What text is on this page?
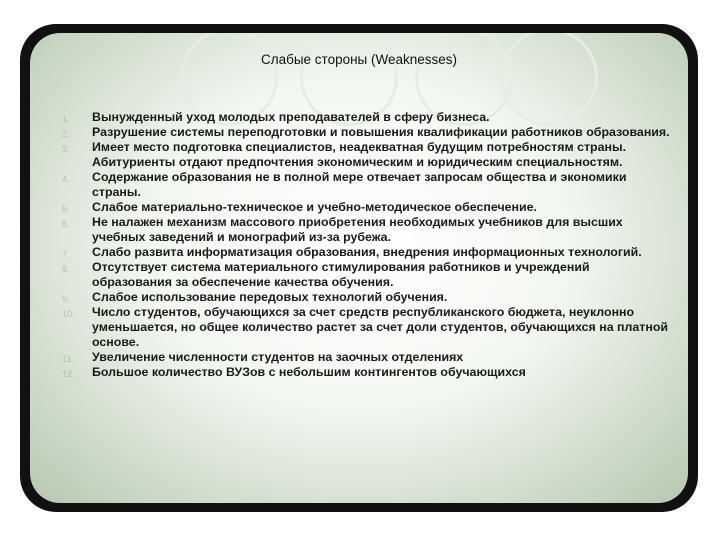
Слабые стороны (Weaknesses)
1.	Вынужденный уход молодых преподавателей в сферу бизнеса.
2.	Разрушение системы переподготовки и повышения квалификации работников образования.
3.	Имеет место подготовка специалистов, неадекватная будущим потребностям страны. Абитуриенты отдают предпочтения экономическим и юридическим специальностям.
4.	Содержание образования не в полной мере отвечает запросам общества и экономики страны.
5.	Слабое материально-техническое и учебно-методическое обеспечение.
6.	Не налажен механизм массового приобретения необходимых учебников для высших учебных заведений и монографий из-за рубежа.
7.	Слабо развита информатизация образования, внедрения информационных технологий.
8.	Отсутствует система материального стимулирования работников и учреждений образования за обеспечение качества обучения.
9.	Слабое использование передовых технологий обучения.
10.	Число студентов, обучающихся за счет средств республиканского бюджета, неуклонно уменьшается, но общее количество растет за счет доли студентов, обучающихся на платной основе.
11.	Увеличение численности студентов на заочных отделениях
12.	Большое количество ВУЗов с небольшим контингентов обучающихся
